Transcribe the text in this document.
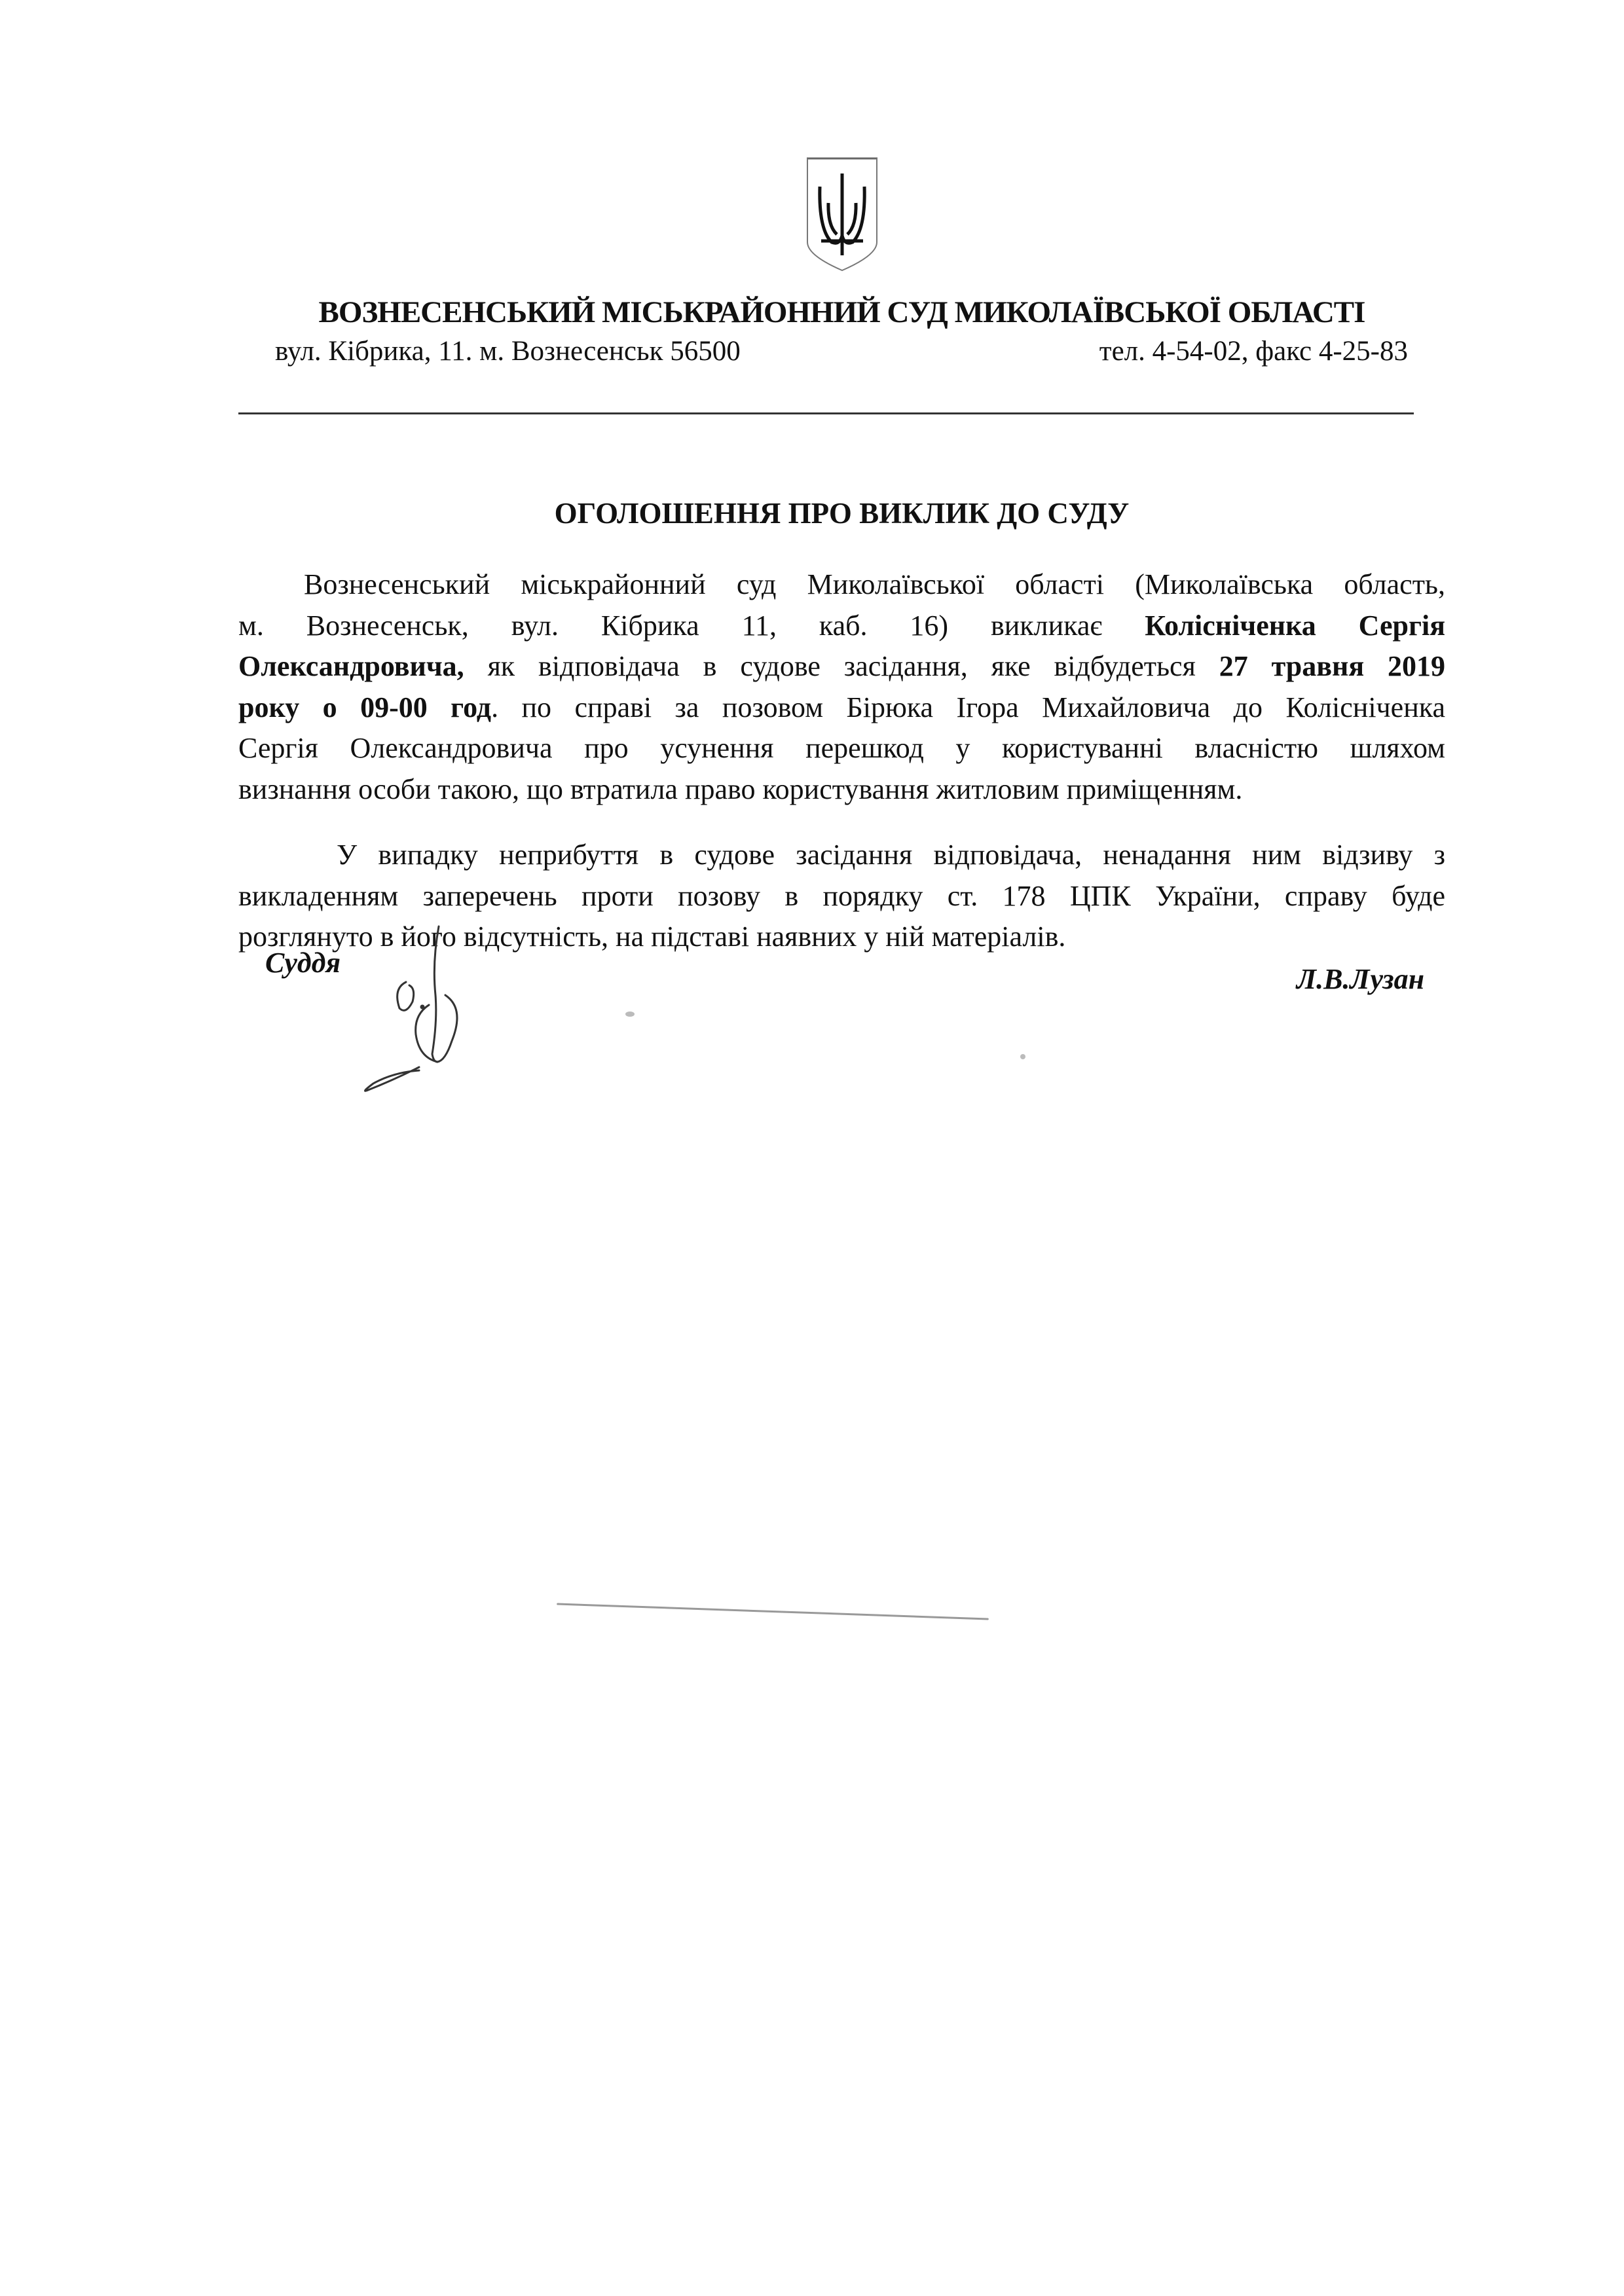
ВОЗНЕСЕНСЬКИЙ МІСЬКРАЙОННИЙ СУД МИКОЛАЇВСЬКОЇ ОБЛАСТІ
вул. Кібрика, 11. м. Вознесенськ 56500	тел. 4-54-02, факс 4-25-83
ОГОЛОШЕННЯ ПРО ВИКЛИК ДО СУДУ
Вознесенський міськрайонний суд Миколаївської області (Миколаївська область,
м. Вознесенськ, вул. Кібрика 11, каб. 16) викликає Колісніченка Сергія
Олександровича, як відповідача в судове засідання, яке відбудеться 27 травня 2019
року о 09-00 год. по справі за позовом Бірюка Ігора Михайловича до Колісніченка
Сергія Олександровича про усунення перешкод у користуванні власністю шляхом
визнання особи такою, що втратила право користування житловим приміщенням.
У випадку неприбуття в судове засідання відповідача, ненадання ним відзиву з
викладенням заперечень проти позову в порядку ст. 178 ЦПК України, справу буде
розглянуто в його відсутність, на підставі наявних у ній матеріалів.
Суддя
Л.В.Лузан
